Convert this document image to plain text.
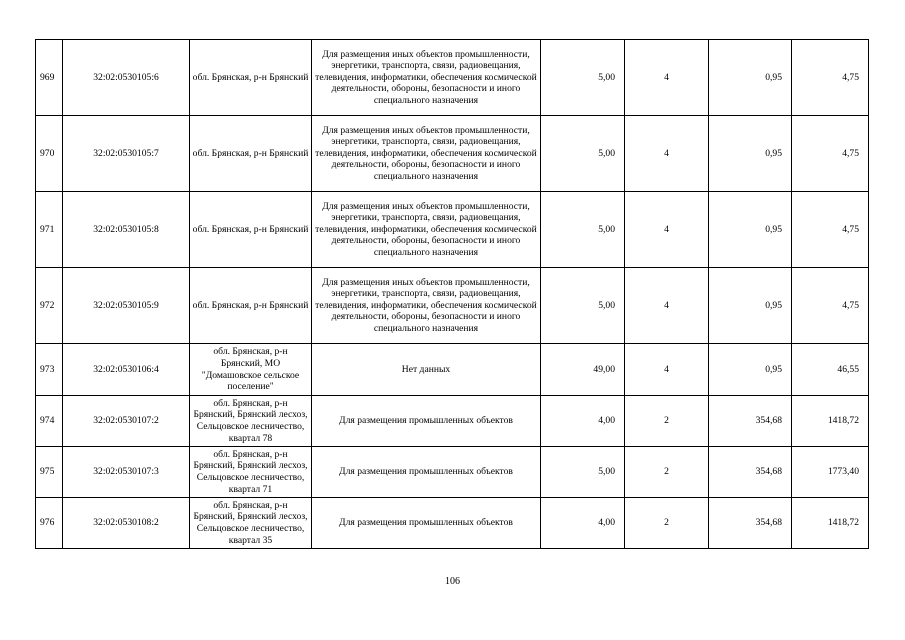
969	32:02:0530105:6	обл. Брянская, р-н Брянский	Для размещения иных объектов промышленности, энергетики, транспорта, связи, радиовещания, телевидения, информатики, обеспечения космической деятельности, обороны, безопасности и иного специального назначения	5,00	4	0,95	4,75
970	32:02:0530105:7	обл. Брянская, р-н Брянский	Для размещения иных объектов промышленности, энергетики, транспорта, связи, радиовещания, телевидения, информатики, обеспечения космической деятельности, обороны, безопасности и иного специального назначения	5,00	4	0,95	4,75
971	32:02:0530105:8	обл. Брянская, р-н Брянский	Для размещения иных объектов промышленности, энергетики, транспорта, связи, радиовещания, телевидения, информатики, обеспечения космической деятельности, обороны, безопасности и иного специального назначения	5,00	4	0,95	4,75
972	32:02:0530105:9	обл. Брянская, р-н Брянский	Для размещения иных объектов промышленности, энергетики, транспорта, связи, радиовещания, телевидения, информатики, обеспечения космической деятельности, обороны, безопасности и иного специального назначения	5,00	4	0,95	4,75
973	32:02:0530106:4	обл. Брянская, р-н Брянский, МО "Домашовское сельское поселение"	Нет данных	49,00	4	0,95	46,55
974	32:02:0530107:2	обл. Брянская, р-н Брянский, Брянский лесхоз, Сельцовское лесничество, квартал 78	Для размещения промышленных объектов	4,00	2	354,68	1418,72
975	32:02:0530107:3	обл. Брянская, р-н Брянский, Брянский лесхоз, Сельцовское лесничество, квартал 71	Для размещения промышленных объектов	5,00	2	354,68	1773,40
976	32:02:0530108:2	обл. Брянская, р-н Брянский, Брянский лесхоз, Сельцовское лесничество, квартал 35	Для размещения промышленных объектов	4,00	2	354,68	1418,72
106
